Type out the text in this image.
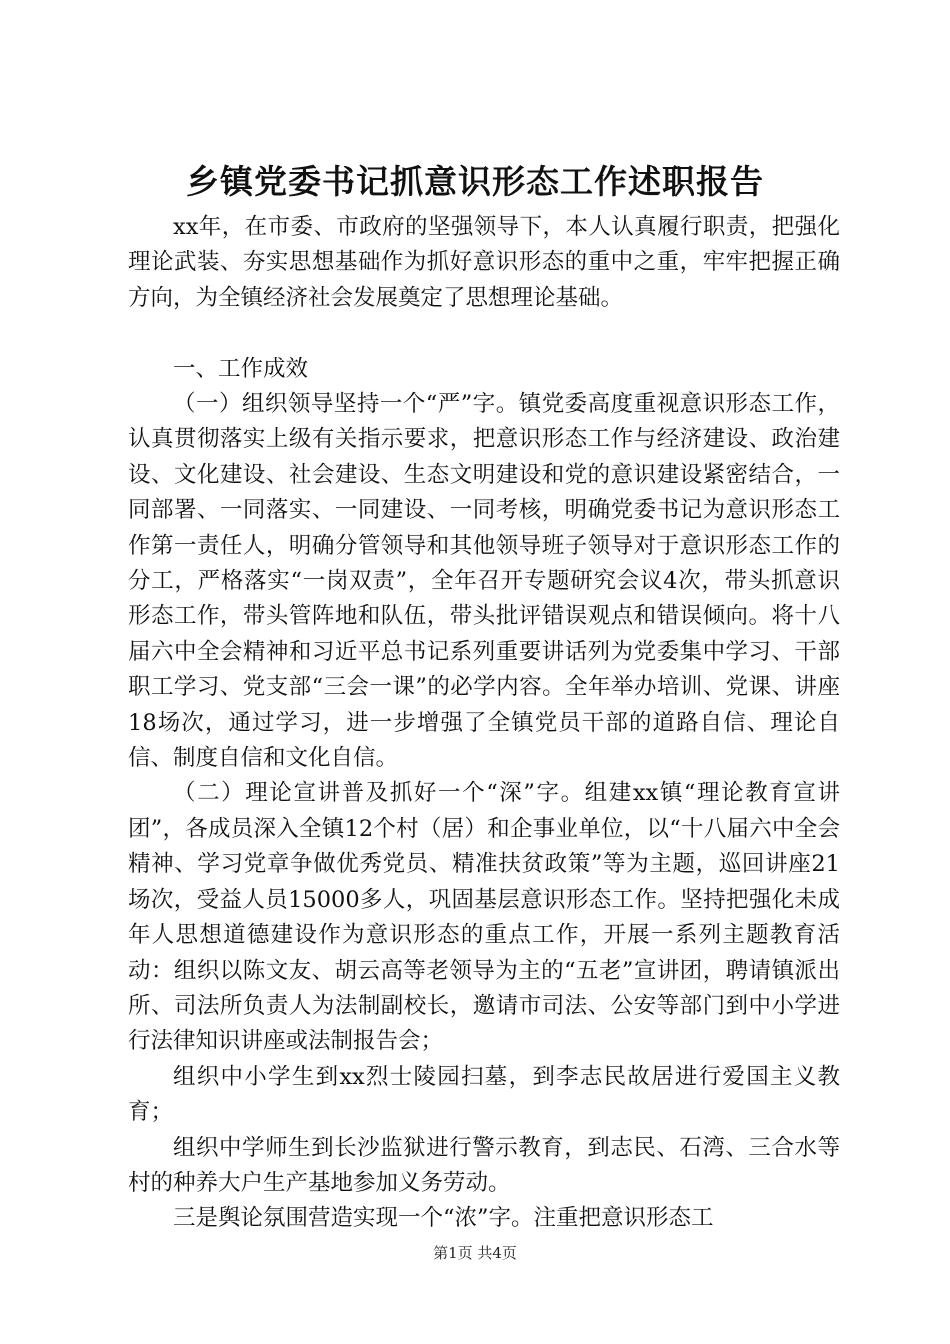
乡镇党委书记抓意识形态工作述职报告

xx年，在市委、市政府的坚强领导下，本人认真履行职责，把强化理论武装、夯实思想基础作为抓好意识形态的重中之重，牢牢把握正确方向，为全镇经济社会发展奠定了思想理论基础。

一、工作成效

（一）组织领导坚持一个“严”字。镇党委高度重视意识形态工作，认真贯彻落实上级有关指示要求，把意识形态工作与经济建设、政治建设、文化建设、社会建设、生态文明建设和党的意识建设紧密结合，一同部署、一同落实、一同建设、一同考核，明确党委书记为意识形态工作第一责任人，明确分管领导和其他领导班子领导对于意识形态工作的分工，严格落实“一岗双责”，全年召开专题研究会议4次，带头抓意识形态工作，带头管阵地和队伍，带头批评错误观点和错误倾向。将十八届六中全会精神和习近平总书记系列重要讲话列为党委集中学习、干部职工学习、党支部“三会一课”的必学内容。全年举办培训、党课、讲座18场次，通过学习，进一步增强了全镇党员干部的道路自信、理论自信、制度自信和文化自信。

（二）理论宣讲普及抓好一个“深”字。组建xx镇“理论教育宣讲团”，各成员深入全镇12个村（居）和企事业单位，以“十八届六中全会精神、学习党章争做优秀党员、精准扶贫政策”等为主题，巡回讲座21场次，受益人员15000多人，巩固基层意识形态工作。坚持把强化未成年人思想道德建设作为意识形态的重点工作，开展一系列主题教育活动：组织以陈文友、胡云高等老领导为主的“五老”宣讲团，聘请镇派出所、司法所负责人为法制副校长，邀请市司法、公安等部门到中小学进行法律知识讲座或法制报告会；

组织中小学生到xx烈士陵园扫墓，到李志民故居进行爱国主义教育；

组织中学师生到长沙监狱进行警示教育，到志民、石湾、三合水等村的种养大户生产基地参加义务劳动。

三是舆论氛围营造实现一个“浓”字。注重把意识形态工

第1页 共4页
